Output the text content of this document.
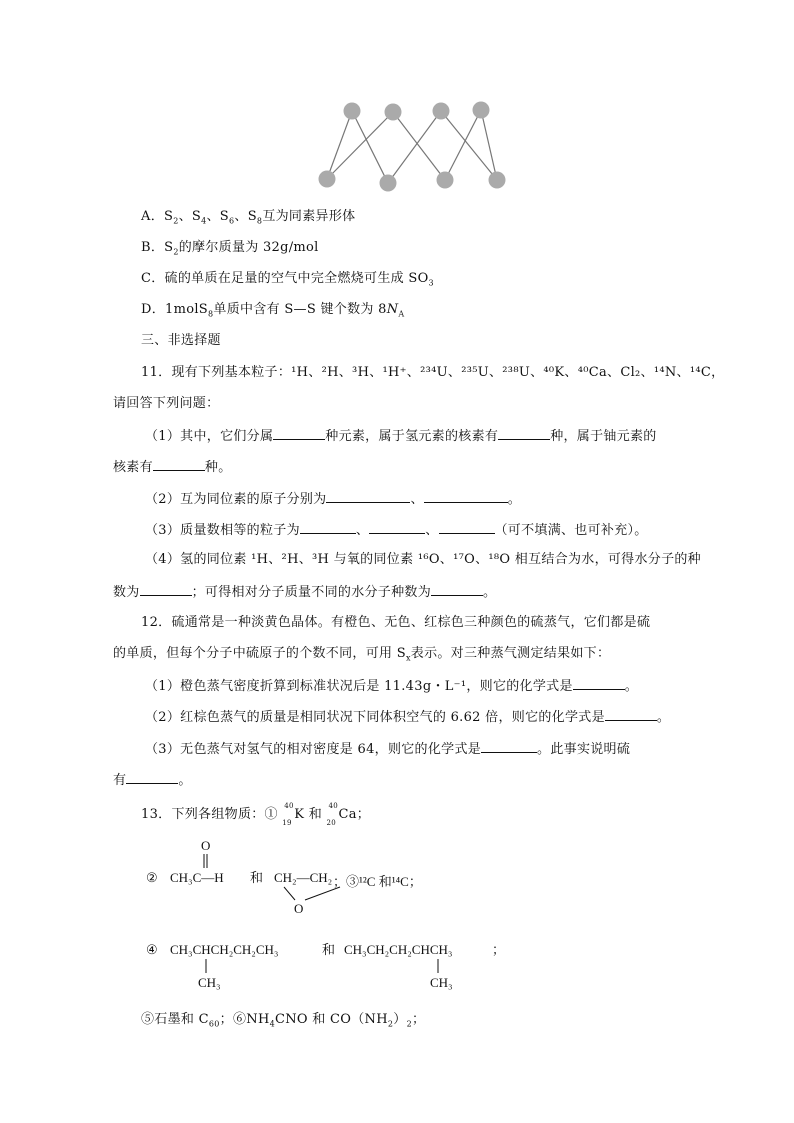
A．$S_2$、$S_4$、$S_6$、$S_8$互为同素异形体
B．$S_2$的摩尔质量为 32g/mol
C．硫的单质在足量的空气中完全燃烧可生成 $SO_3$
D．1molS$_8$单质中含有 S—S 键个数为 $8N_A$
三、非选择题
11．现有下列基本粒子：¹H、²H、³H、¹H⁺、²³⁴U、²³⁵U、²³⁸U、⁴⁰K、⁴⁰Ca、Cl₂、¹⁴N、¹⁴C，
请回答下列问题：
（1）其中，它们分属	种元素，属于氢元素的核素有	种，属于铀元素的
核素有	种。
（2）互为同位素的原子分别为	、	。
（3）质量数相等的粒子为	、	、	（可不填满、也可补充）。
（4）氢的同位素 ¹H、²H、³H 与氧的同位素 ¹⁶O、¹⁷O、¹⁸O 相互结合为水，可得水分子的种
数为	；可得相对分子质量不同的水分子种数为	。
12．硫通常是一种淡黄色晶体。有橙色、无色、红棕色三种颜色的硫蒸气，它们都是硫
的单质，但每个分子中硫原子的个数不同，可用 $S_x$表示。对三种蒸气测定结果如下：
（1）橙色蒸气密度折算到标准状况后是 11.43g・L⁻¹，则它的化学式是	。
（2）红棕色蒸气的质量是相同状况下同体积空气的 6.62 倍，则它的化学式是	。
（3）无色蒸气对氢气的相对密度是 64，则它的化学式是	。此事实说明硫
有	。
13．下列各组物质：①
40
19
K 和
40
20
Ca；
②
O
CH₃C—H 和 CH₂—CH₂
O
；③¹²C 和¹⁴C；
④ CH₃CHCH₂CH₂CH₃
CH₃
和 CH₃CH₂CH₂CHCH₃
CH₃
；
⑤石墨和 $C_{60}$；$⑥NH_4CNO$ 和 $CO(NH_2)_2$；
